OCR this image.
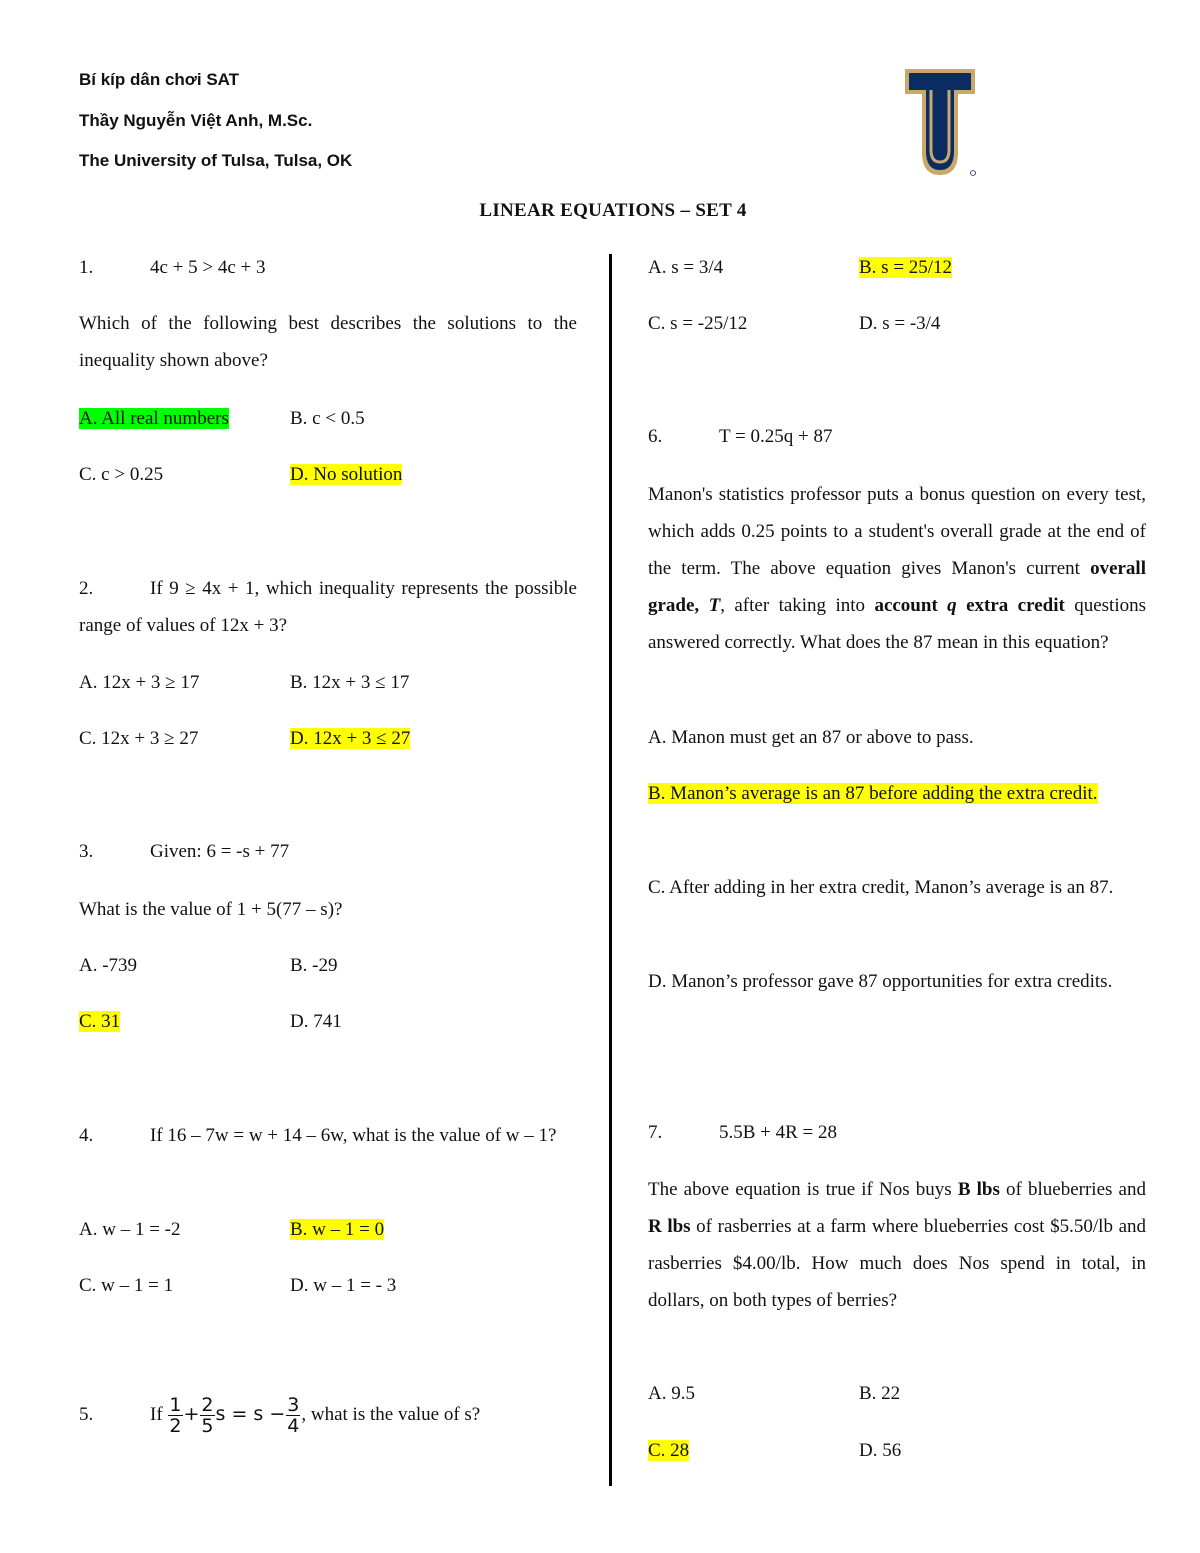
Bí kíp dân chơi SAT
Thầy Nguyễn Việt Anh, M.Sc.
The University of Tulsa, Tulsa, OK
LINEAR EQUATIONS – SET 4
1.	4c + 5 > 4c + 3
Which of the following best describes the solutions to the inequality shown above?
A. All real numbers	B. c < 0.5
C. c > 0.25	D. No solution
2.	If 9 ≥ 4x + 1, which inequality represents the possible range of values of 12x + 3?
A. 12x + 3 ≥ 17	B. 12x + 3 ≤ 17
C. 12x + 3 ≥ 27	D. 12x + 3 ≤ 27
3.	Given: 6 = -s + 77
What is the value of 1 + 5(77 – s)?
A. -739	B. -29
C. 31	D. 741
4.	If 16 – 7w = w + 14 – 6w, what is the value of w – 1?
A. w – 1 = -2	B. w – 1 = 0
C. w – 1 = 1	D. w – 1 = - 3
5.	If $\frac{1}{2} + \frac{2}{5}$ $s = s - \frac{3}{4}$ , what is the value of s?
A. s = 3/4	B. s = 25/12
C. s = -25/12	D. s = -3/4
6.	T = 0.25q + 87
Manon's statistics professor puts a bonus question on every test, which adds 0.25 points to a student's overall grade at the end of the term. The above equation gives Manon's current overall grade, T, after taking into account q extra credit questions answered correctly. What does the 87 mean in this equation?
A. Manon must get an 87 or above to pass.
B. Manon’s average is an 87 before adding the extra credit.
C. After adding in her extra credit, Manon’s average is an 87.
D. Manon’s professor gave 87 opportunities for extra credits.
7.	5.5B + 4R = 28
The above equation is true if Nos buys B lbs of blueberries and R lbs of rasberries at a farm where blueberries cost $5.50/lb and rasberries $4.00/lb. How much does Nos spend in total, in dollars, on both types of berries?
A. 9.5	B. 22
C. 28	D. 56
